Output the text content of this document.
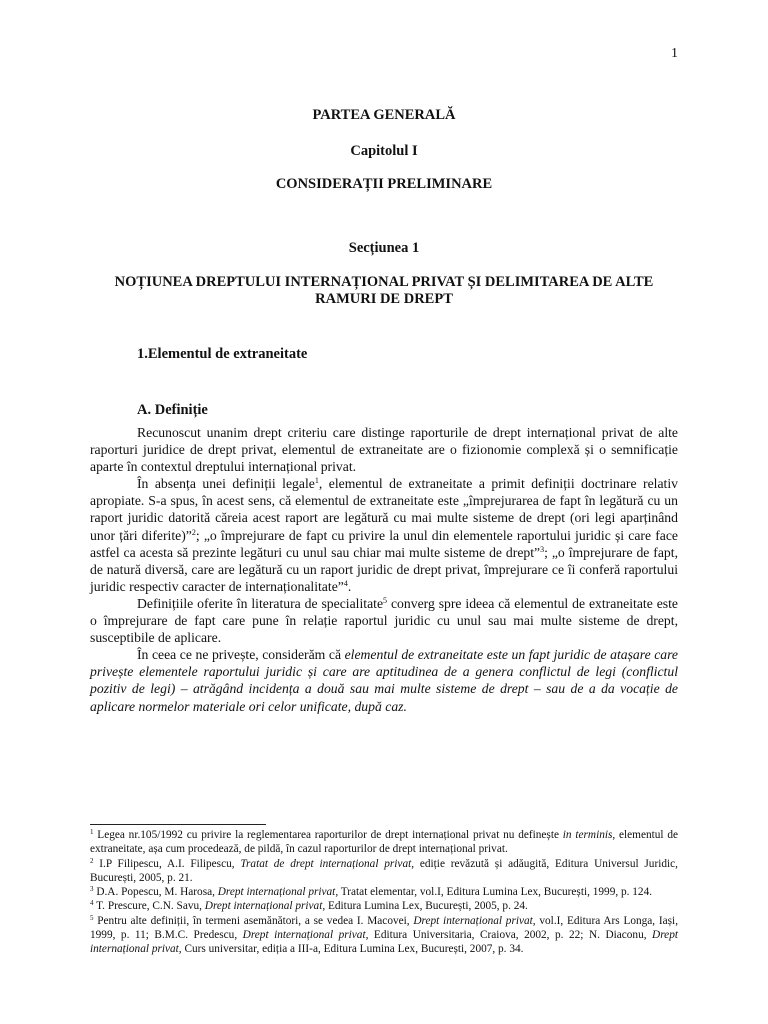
1
PARTEA GENERALĂ
Capitolul I
CONSIDERAȚII PRELIMINARE
Secțiunea 1
NOȚIUNEA DREPTULUI INTERNAȚIONAL PRIVAT ȘI DELIMITAREA DE ALTE
RAMURI DE DREPT
1.Elementul de extraneitate
A. Definiție

Recunoscut unanim drept criteriu care distinge raporturile de drept internațional privat de alte raporturi juridice de drept privat, elementul de extraneitate are o fizionomie complexă și o semnificație aparte în contextul dreptului internațional privat.

În absența unei definiții legale$^1$, elementul de extraneitate a primit definiții doctrinare relativ apropiate. S-a spus, în acest sens, că elementul de extraneitate este „împrejurarea de fapt în legătură cu un raport juridic datorită căreia acest raport are legătură cu mai multe sisteme de drept (ori legi aparținând unor țări diferite)”$^2$; „o împrejurare de fapt cu privire la unul din elementele raportului juridic și care face astfel ca acesta să prezinte legături cu unul sau chiar mai multe sisteme de drept”$^3$; „o împrejurare de fapt, de natură diversă, care are legătură cu un raport juridic de drept privat, împrejurare ce îi conferă raportului juridic respectiv caracter de internaționalitate”$^4$.

Definițiile oferite în literatura de specialitate$^5$ converg spre ideea că elementul de extraneitate este o împrejurare de fapt care pune în relație raportul juridic cu unul sau mai multe sisteme de drept, susceptibile de aplicare.

În ceea ce ne privește, considerăm că elementul de extraneitate este un fapt juridic de atașare care privește elementele raportului juridic și care are aptitudinea de a genera conflictul de legi (conflictul pozitiv de legi) – atrăgând incidența a două sau mai multe sisteme de drept – sau de a da vocație de aplicare normelor materiale ori celor unificate, după caz.

$^1$ Legea nr.105/1992 cu privire la reglementarea raporturilor de drept internațional privat nu definește in terminis, elementul de extraneitate, așa cum procedează, de pildă, în cazul raporturilor de drept internațional privat.

$^2$ I.P Filipescu, A.I. Filipescu, Tratat de drept internațional privat, ediție revăzută și adăugită, Editura Universul Juridic, București, 2005, p. 21.

$^3$ D.A. Popescu, M. Harosa, Drept internațional privat, Tratat elementar, vol.I, Editura Lumina Lex, București, 1999, p. 124.

$^4$ T. Prescure, C.N. Savu, Drept internațional privat, Editura Lumina Lex, București, 2005, p. 24.

$^5$ Pentru alte definiții, în termeni asemănători, a se vedea I. Macovei, Drept internațional privat, vol.I, Editura Ars Longa, Iași, 1999, p. 11; B.M.C. Predescu, Drept internațional privat, Editura Universitaria, Craiova, 2002, p. 22; N. Diaconu, Drept internațional privat, Curs universitar, ediția a III-a, Editura Lumina Lex, București, 2007, p. 34.
